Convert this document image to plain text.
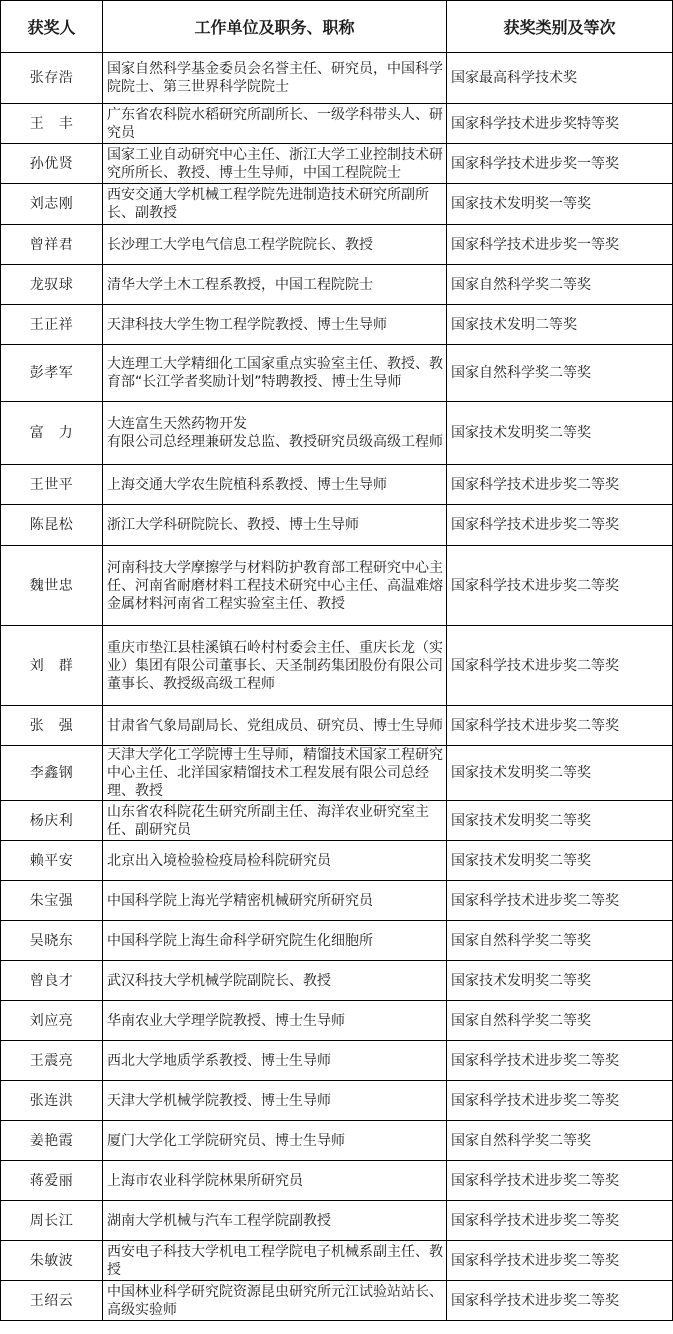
获奖人	工作单位及职务、职称	获奖类别及等次

张存浩	国家自然科学基金委员会名誉主任、研究员，中国科学院院士、第三世界科学院院士	国家最高科学技术奖

王　丰	广东省农科院水稻研究所副所长、一级学科带头人、研究员	国家科学技术进步奖特等奖

孙优贤	国家工业自动研究中心主任、浙江大学工业控制技术研究所所长、教授、博士生导师，中国工程院院士	国家科学技术进步奖一等奖

刘志刚	西安交通大学机械工程学院先进制造技术研究所副所长、副教授	国家技术发明奖一等奖

曾祥君	长沙理工大学电气信息工程学院院长、教授	国家科学技术进步奖一等奖

龙驭球	清华大学土木工程系教授，中国工程院院士	国家自然科学奖二等奖

王正祥	天津科技大学生物工程学院教授、博士生导师	国家技术发明二等奖

彭孝军	大连理工大学精细化工国家重点实验室主任、教授、教育部“长江学者奖励计划”特聘教授、博士生导师	国家自然科学奖二等奖

富　力	大连富生天然药物开发
有限公司总经理兼研发总监、教授研究员级高级工程师	国家技术发明奖二等奖

王世平	上海交通大学农生院植科系教授、博士生导师	国家科学技术进步奖二等奖

陈昆松	浙江大学科研院院长、教授、博士生导师	国家科学技术进步奖二等奖

魏世忠	河南科技大学摩擦学与材料防护教育部工程研究中心主任、河南省耐磨材料工程技术研究中心主任、高温难熔金属材料河南省工程实验室主任、教授	国家科学技术进步奖二等奖

刘　群	重庆市垫江县桂溪镇石岭村村委会主任、重庆长龙（实业）集团有限公司董事长、天圣制药集团股份有限公司董事长、教授级高级工程师	国家科学技术进步奖二等奖

张　强	甘肃省气象局副局长、党组成员、研究员、博士生导师	国家科学技术进步奖二等奖

李鑫钢	天津大学化工学院博士生导师，精馏技术国家工程研究中心主任、北洋国家精馏技术工程发展有限公司总经理、教授	国家技术发明奖二等奖

杨庆利	山东省农科院花生研究所副主任、海洋农业研究室主任、副研究员	国家技术发明奖二等奖

赖平安	北京出入境检验检疫局检科院研究员	国家技术发明奖二等奖

朱宝强	中国科学院上海光学精密机械研究所研究员	国家科学技术进步奖二等奖

吴晓东	中国科学院上海生命科学研究院生化细胞所	国家自然科学奖二等奖

曾良才	武汉科技大学机械学院副院长、教授	国家技术发明奖二等奖

刘应亮	华南农业大学理学院教授、博士生导师	国家自然科学奖二等奖

王震亮	西北大学地质学系教授、博士生导师	国家科学技术进步奖二等奖

张连洪	天津大学机械学院教授、博士生导师	国家科学技术进步奖二等奖

姜艳霞	厦门大学化工学院研究员、博士生导师	国家自然科学奖二等奖

蒋爱丽	上海市农业科学院林果所研究员	国家科学技术进步奖二等奖

周长江	湖南大学机械与汽车工程学院副教授	国家科学技术进步奖二等奖

朱敏波	西安电子科技大学机电工程学院电子机械系副主任、教授	国家科学技术进步奖二等奖

王绍云	中国林业科学研究院资源昆虫研究所元江试验站站长、高级实验师	国家科学技术进步奖二等奖
